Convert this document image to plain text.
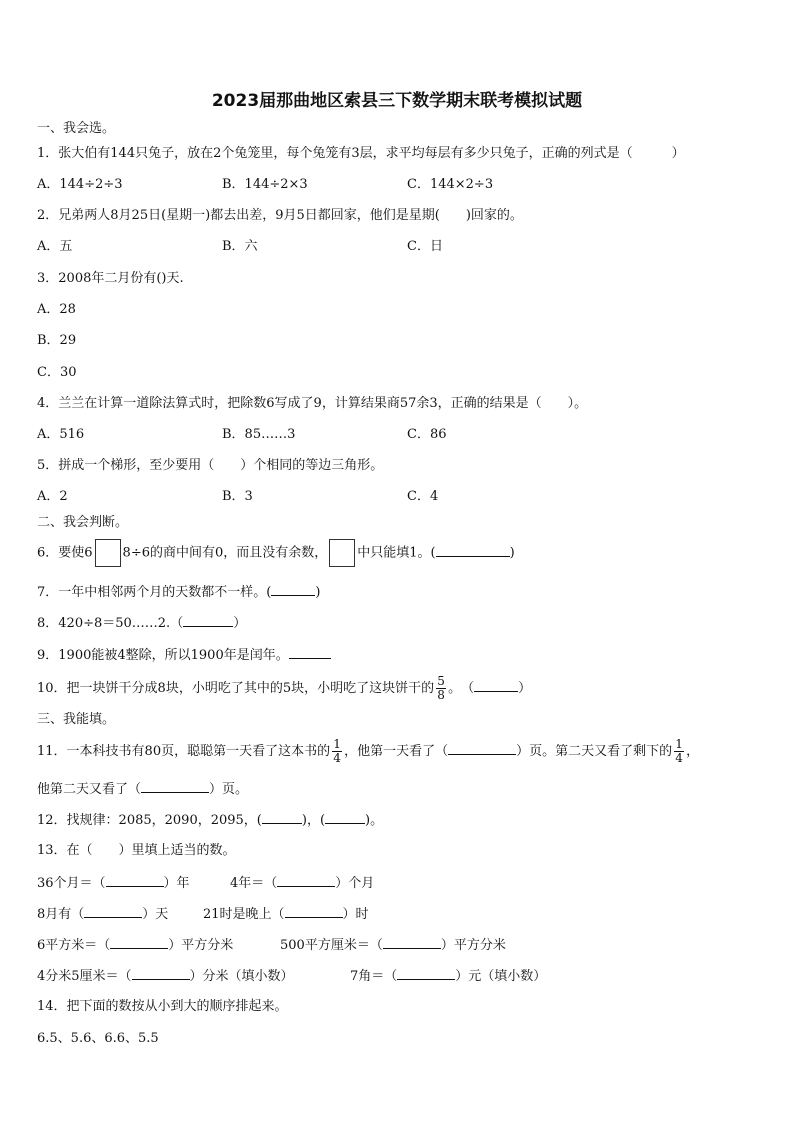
2023届那曲地区索县三下数学期末联考模拟试题
一、我会选。
1．张大伯有144只兔子，放在2个兔笼里，每个兔笼有3层，求平均每层有多少只兔子，正确的列式是（　　　）
A．144÷2÷3	B．144÷2×3	C．144×2÷3
2．兄弟两人8月25日(星期一)都去出差，9月5日都回家，他们是星期(　　)回家的。
A．五	B．六	C．日
3．2008年二月份有()天.
A．28
B．29
C．30
4．兰兰在计算一道除法算式时，把除数6写成了9，计算结果商57余3，正确的结果是（　　）。
A．516	B．85……3	C．86
5．拼成一个梯形，至少要用（　　）个相同的等边三角形。
A．2	B．3	C．4
二、我会判断。
6．要使6 8÷6的商中间有0，而且没有余数， 中只能填1。(	)
7．一年中相邻两个月的天数都不一样。(	)
8．420÷8＝50……2.（	）
9．1900能被4整除，所以1900年是闰年。
10．把一块饼干分成8块，小明吃了其中的5块，小明吃了这块饼干的 $\frac{5}{8}$ 。　（	）
三、我能填。
11．一本科技书有80页，聪聪第一天看了这本书的 $\frac{1}{4}$ ，他第一天看了（	）页。第二天又看了剩下的 $\frac{1}{4}$ ，
他第二天又看了（	）页。
12．找规律：2085，2090，2095，(	)，(	)。
13．在（　　）里填上适当的数。
36个月＝（	）年	4年＝（	）个月
8月有（	）天	21时是晚上（	）时
6平方米＝（	）平方分米	500平方厘米＝（	）平方分米
4分米5厘米＝（	）分米（填小数）	7角＝（	）元（填小数）
14．把下面的数按从小到大的顺序排起来。
6.5、5.6、6.6、5.5
